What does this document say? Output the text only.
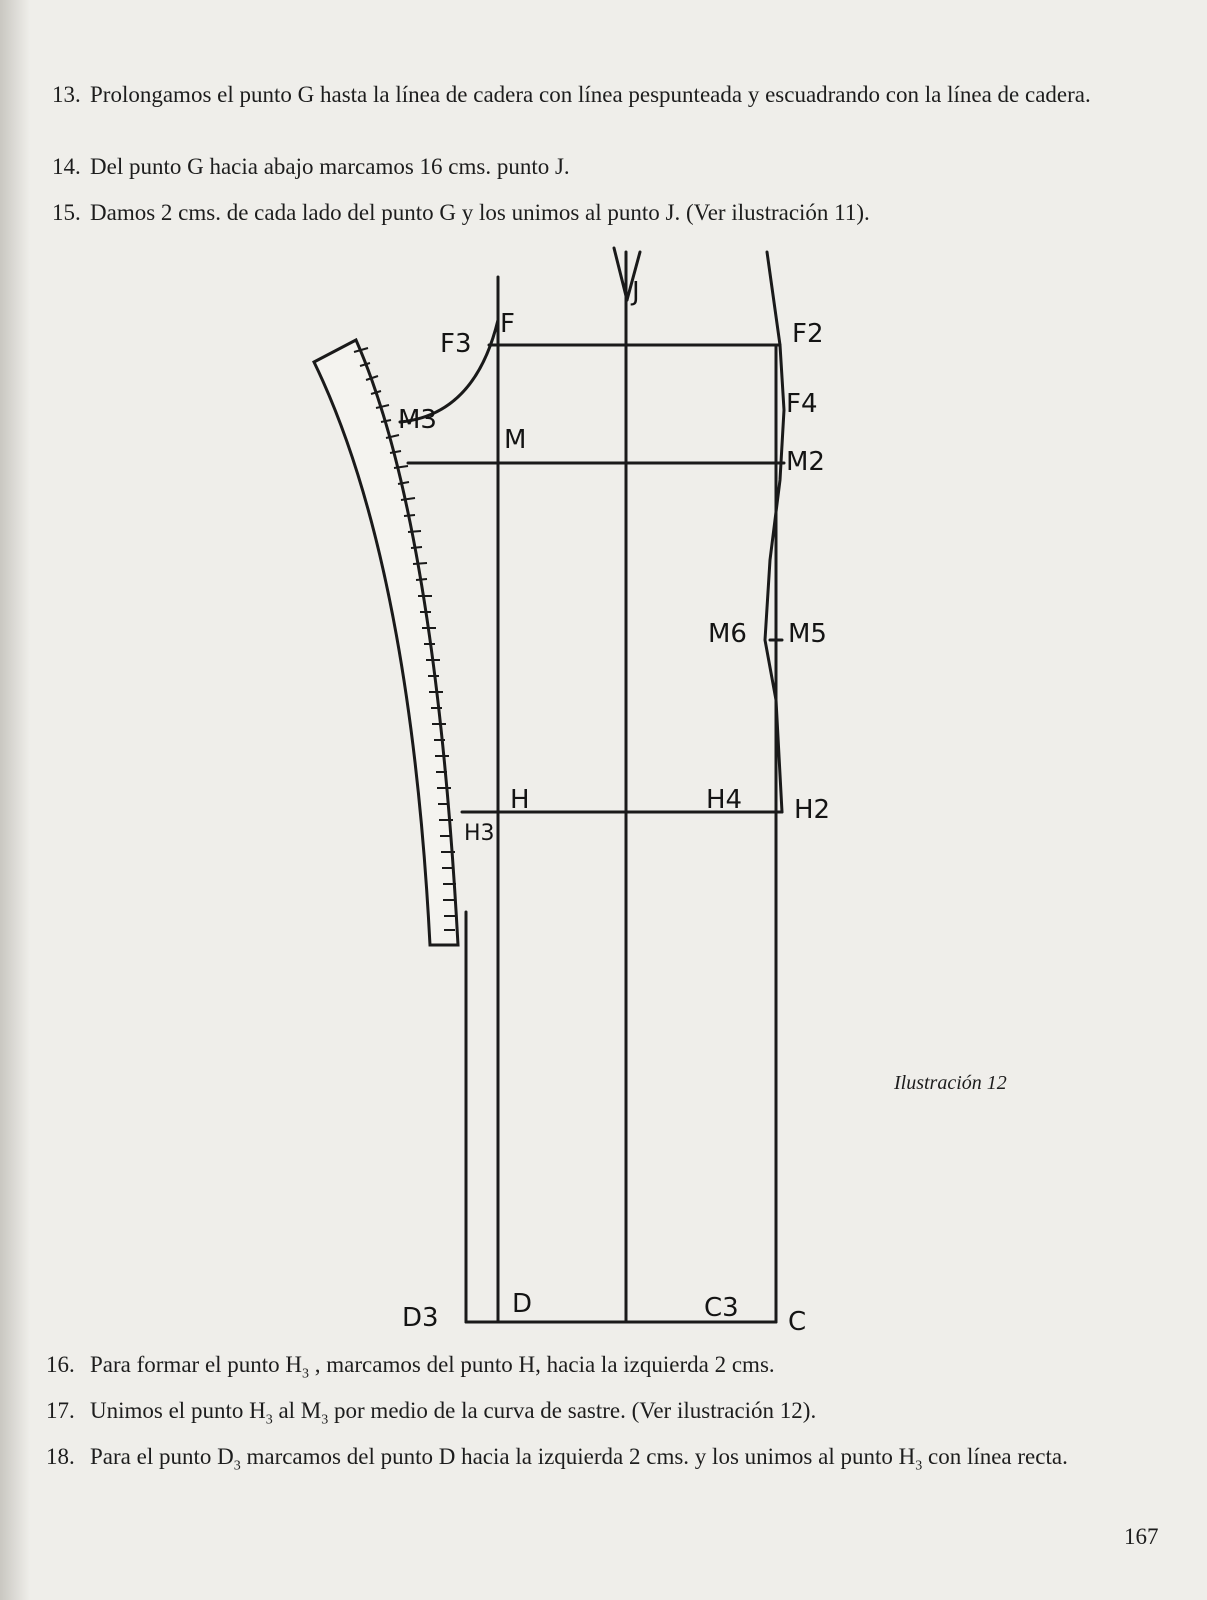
13. Prolongamos el punto G hasta la línea de cadera con línea pespunteada y escuadrando con la línea de cadera.

14. Del punto G hacia abajo marcamos 16 cms. punto J.

15. Damos 2 cms. de cada lado del punto G y los unimos al punto J. (Ver ilustración 11).

J
F
F3	F2
F4
M3
M
M2
M6 M5
H	H4 H2
H3
D3	D	C3 C
Ilustración 12

16. Para formar el punto $H_3$ , marcamos del punto H, hacia la izquierda 2 cms.

17. Unimos el punto $H_3$ al $M_3$ por medio de la curva de sastre. (Ver ilustración 12).

18. Para el punto $D_3$ marcamos del punto D hacia la izquierda 2 cms. y los unimos al punto $H_3$ con línea recta.

167
